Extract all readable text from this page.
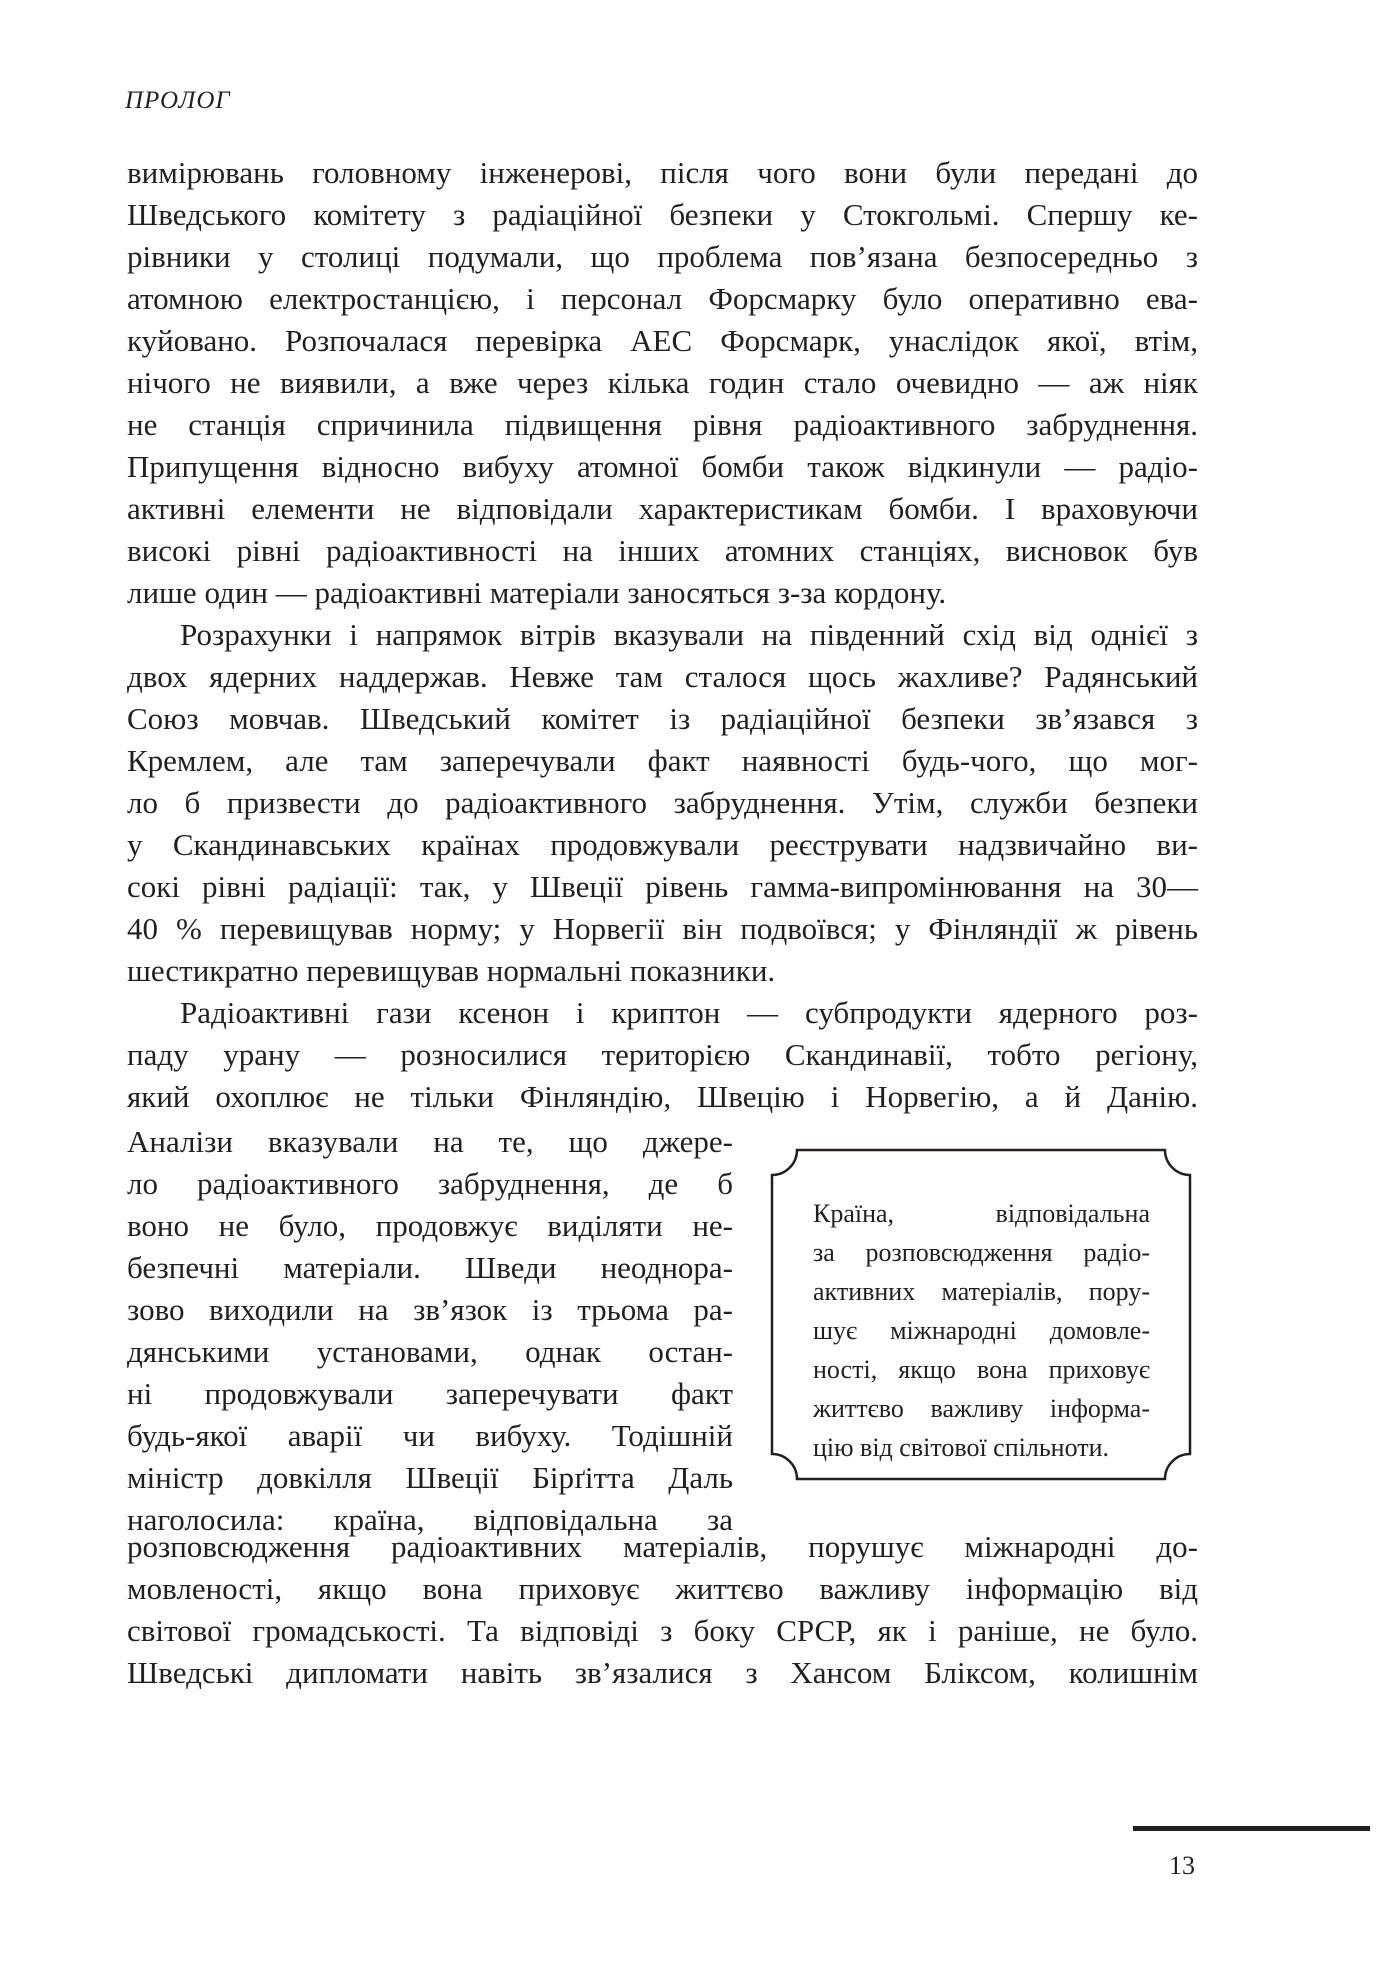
ПРОЛОГ
вимірювань головному інженерові, після чого вони були передані до
Шведського комітету з радіаційної безпеки у Стокгольмі. Спершу ке-
рівники у столиці подумали, що проблема пов’язана безпосередньо з
атомною електростанцією, і персонал Форсмарку було оперативно ева-
куйовано. Розпочалася перевірка АЕС Форсмарк, унаслідок якої, втім,
нічого не виявили, а вже через кілька годин стало очевидно — аж ніяк
не станція спричинила підвищення рівня радіоактивного забруднення.
Припущення відносно вибуху атомної бомби також відкинули — радіо-
активні елементи не відповідали характеристикам бомби. І враховуючи
високі рівні радіоактивності на інших атомних станціях, висновок був
лише один — радіоактивні матеріали заносяться з-за кордону.
Розрахунки і напрямок вітрів вказували на південний схід від однієї з
двох ядерних наддержав. Невже там сталося щось жахливе? Радянський
Союз мовчав. Шведський комітет із радіаційної безпеки зв’язався з
Кремлем, але там заперечували факт наявності будь-чого, що мог-
ло б призвести до радіоактивного забруднення. Утім, служби безпеки
у Скандинавських країнах продовжували реєструвати надзвичайно ви-
сокі рівні радіації: так, у Швеції рівень гамма-випромінювання на 30—
40 % перевищував норму; у Норвегії він подвоївся; у Фінляндії ж рівень
шестикратно перевищував нормальні показники.
Радіоактивні гази ксенон і криптон — субпродукти ядерного роз-
паду урану — розносилися територією Скандинавії, тобто регіону,
який охоплює не тільки Фінляндію, Швецію і Норвегію, а й Данію.
Аналізи вказували на те, що джере-
ло радіоактивного забруднення, де б
воно не було, продовжує виділяти не-
безпечні матеріали. Шведи неоднора-
зово виходили на зв’язок із трьома ра-
дянськими установами, однак остан-
ні продовжували заперечувати факт
будь-якої аварії чи вибуху. Тодішній
міністр довкілля Швеції Бірґітта Даль
наголосила: країна, відповідальна за
Країна, відповідальна
за розповсюдження радіо-
активних матеріалів, пору-
шує міжнародні домовле-
ності, якщо вона приховує
життєво важливу інформа-
цію від світової спільноти.
розповсюдження радіоактивних матеріалів, порушує міжнародні до-
мовленості, якщо вона приховує життєво важливу інформацію від
світової громадськості. Та відповіді з боку СРСР, як і раніше, не було.
Шведські дипломати навіть зв’язалися з Хансом Бліксом, колишнім
13
